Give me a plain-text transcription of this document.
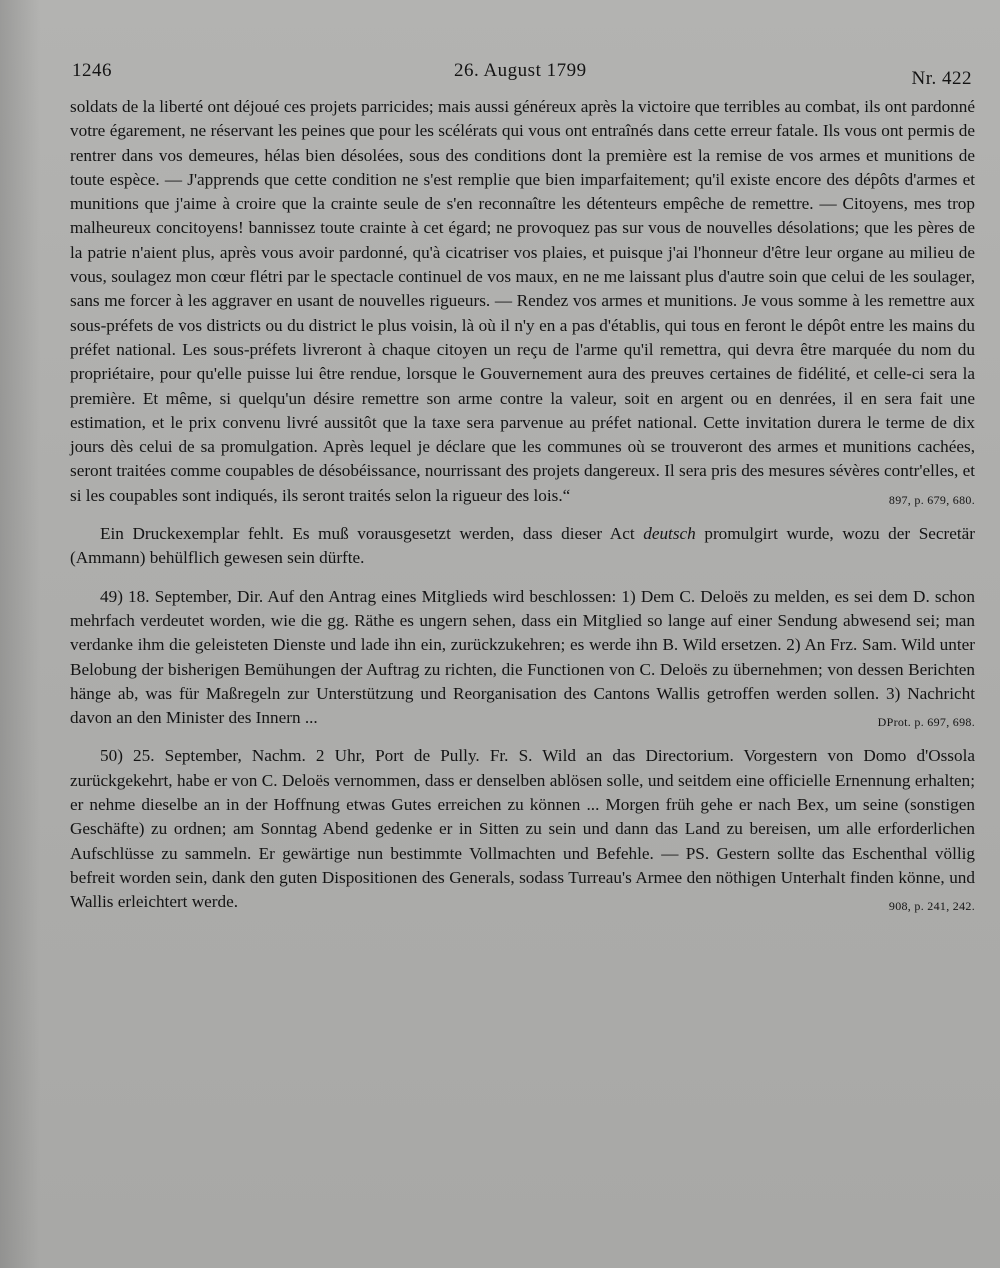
1246	26. August 1799	Nr. 422

soldats de la liberté ont déjoué ces projets parricides; mais aussi généreux après la victoire que terribles au combat, ils ont pardonné votre égarement, ne réservant les peines que pour les scélérats qui vous ont entraînés dans cette erreur fatale. Ils vous ont permis de rentrer dans vos demeures, hélas bien désolées, sous des conditions dont la première est la remise de vos armes et munitions de toute espèce. — J'apprends que cette condition ne s'est remplie que bien imparfaitement; qu'il existe encore des dépôts d'armes et munitions que j'aime à croire que la crainte seule de s'en reconnaître les détenteurs empêche de remettre. — Citoyens, mes trop malheureux concitoyens! bannissez toute crainte à cet égard; ne provoquez pas sur vous de nouvelles désolations; que les pères de la patrie n'aient plus, après vous avoir pardonné, qu'à cicatriser vos plaies, et puisque j'ai l'honneur d'être leur organe au milieu de vous, soulagez mon cœur flétri par le spectacle continuel de vos maux, en ne me laissant plus d'autre soin que celui de les soulager, sans me forcer à les aggraver en usant de nouvelles rigueurs. — Rendez vos armes et munitions. Je vous somme à les remettre aux sous-préfets de vos districts ou du district le plus voisin, là où il n'y en a pas d'établis, qui tous en feront le dépôt entre les mains du préfet national. Les sous-préfets livreront à chaque citoyen un reçu de l'arme qu'il remettra, qui devra être marquée du nom du propriétaire, pour qu'elle puisse lui être rendue, lorsque le Gouvernement aura des preuves certaines de fidélité, et celle-ci sera la première. Et même, si quelqu'un désire remettre son arme contre la valeur, soit en argent ou en denrées, il en sera fait une estimation, et le prix convenu livré aussitôt que la taxe sera parvenue au préfet national. Cette invitation durera le terme de dix jours dès celui de sa promulgation. Après lequel je déclare que les communes où se trouveront des armes et munitions cachées, seront traitées comme coupables de désobéissance, nourrissant des projets dangereux. Il sera pris des mesures sévères contr'elles, et si les coupables sont indiqués, ils seront traités selon la rigueur des lois.“	897, p. 679, 680.

Ein Druckexemplar fehlt. Es muß vorausgesetzt werden, dass dieser Act deutsch promulgirt wurde, wozu der Secretär (Ammann) behülflich gewesen sein dürfte.

49) 18. September, Dir. Auf den Antrag eines Mitglieds wird beschlossen: 1) Dem C. Deloës zu melden, es sei dem D. schon mehrfach verdeutet worden, wie die gg. Räthe es ungern sehen, dass ein Mitglied so lange auf einer Sendung abwesend sei; man verdanke ihm die geleisteten Dienste und lade ihn ein, zurückzukehren; es werde ihn B. Wild ersetzen. 2) An Frz. Sam. Wild unter Belobung der bisherigen Bemühungen der Auftrag zu richten, die Functionen von C. Deloës zu übernehmen; von dessen Berichten hänge ab, was für Maßregeln zur Unterstützung und Reorganisation des Cantons Wallis getroffen werden sollen. 3) Nachricht davon an den Minister des Innern ...	DProt. p. 697, 698.

50) 25. September, Nachm. 2 Uhr, Port de Pully. Fr. S. Wild an das Directorium. Vorgestern von Domo d'Ossola zurückgekehrt, habe er von C. Deloës vernommen, dass er denselben ablösen solle, und seitdem eine officielle Ernennung erhalten; er nehme dieselbe an in der Hoffnung etwas Gutes erreichen zu können ... Morgen früh gehe er nach Bex, um seine (sonstigen Geschäfte) zu ordnen; am Sonntag Abend gedenke er in Sitten zu sein und dann das Land zu bereisen, um alle erforderlichen Aufschlüsse zu sammeln. Er gewärtige nun bestimmte Vollmachten und Befehle. — PS. Gestern sollte das Eschenthal völlig befreit worden sein, dank den guten Dispositionen des Generals, sodass Turreau's Armee den nöthigen Unterhalt finden könne, und Wallis erleichtert werde.	908, p. 241, 242.
